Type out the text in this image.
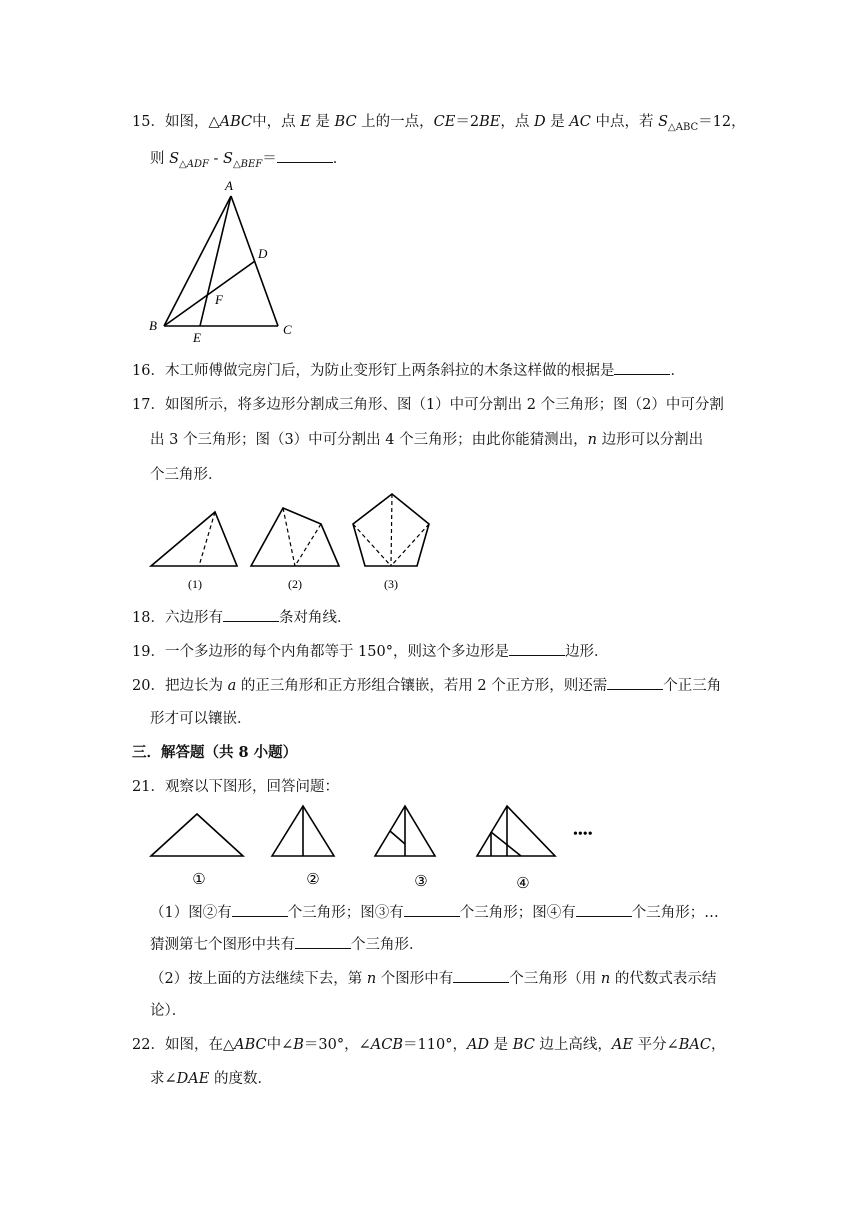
15．如图，△ABC中，点 E 是 BC 上的一点，CE＝2BE，点 D 是 AC 中点，若 $S_{\triangle ABC}=12$，
则 $S_{\triangle ADF} - S_{\triangle BEF}=$	．
A
D
F
B	C
E
16．木工师傅做完房门后，为防止变形钉上两条斜拉的木条这样做的根据是	．
17．如图所示，将多边形分割成三角形、图（1）中可分割出 2 个三角形；图（2）中可分割
出 3 个三角形；图（3）中可分割出 4 个三角形；由此你能猜测出，n 边形可以分割出
个三角形．
(1)	(2)	(3)
18．六边形有	条对角线．
19．一个多边形的每个内角都等于 150°，则这个多边形是	边形．
20．把边长为 a 的正三角形和正方形组合镶嵌，若用 2 个正方形，则还需	个正三角
形才可以镶嵌．
三．解答题（共 8 小题）
21．观察以下图形，回答问题：
••••
①	②	③	④
（1）图②有	个三角形；图③有	个三角形；图④有	个三角形；…
猜测第七个图形中共有	个三角形．
（2）按上面的方法继续下去，第 n 个图形中有	个三角形（用 n 的代数式表示结
论）．
22．如图，在△ABC中∠B＝30°，∠ACB＝110°，AD 是 BC 边上高线，AE 平分∠BAC，
求∠DAE 的度数．
